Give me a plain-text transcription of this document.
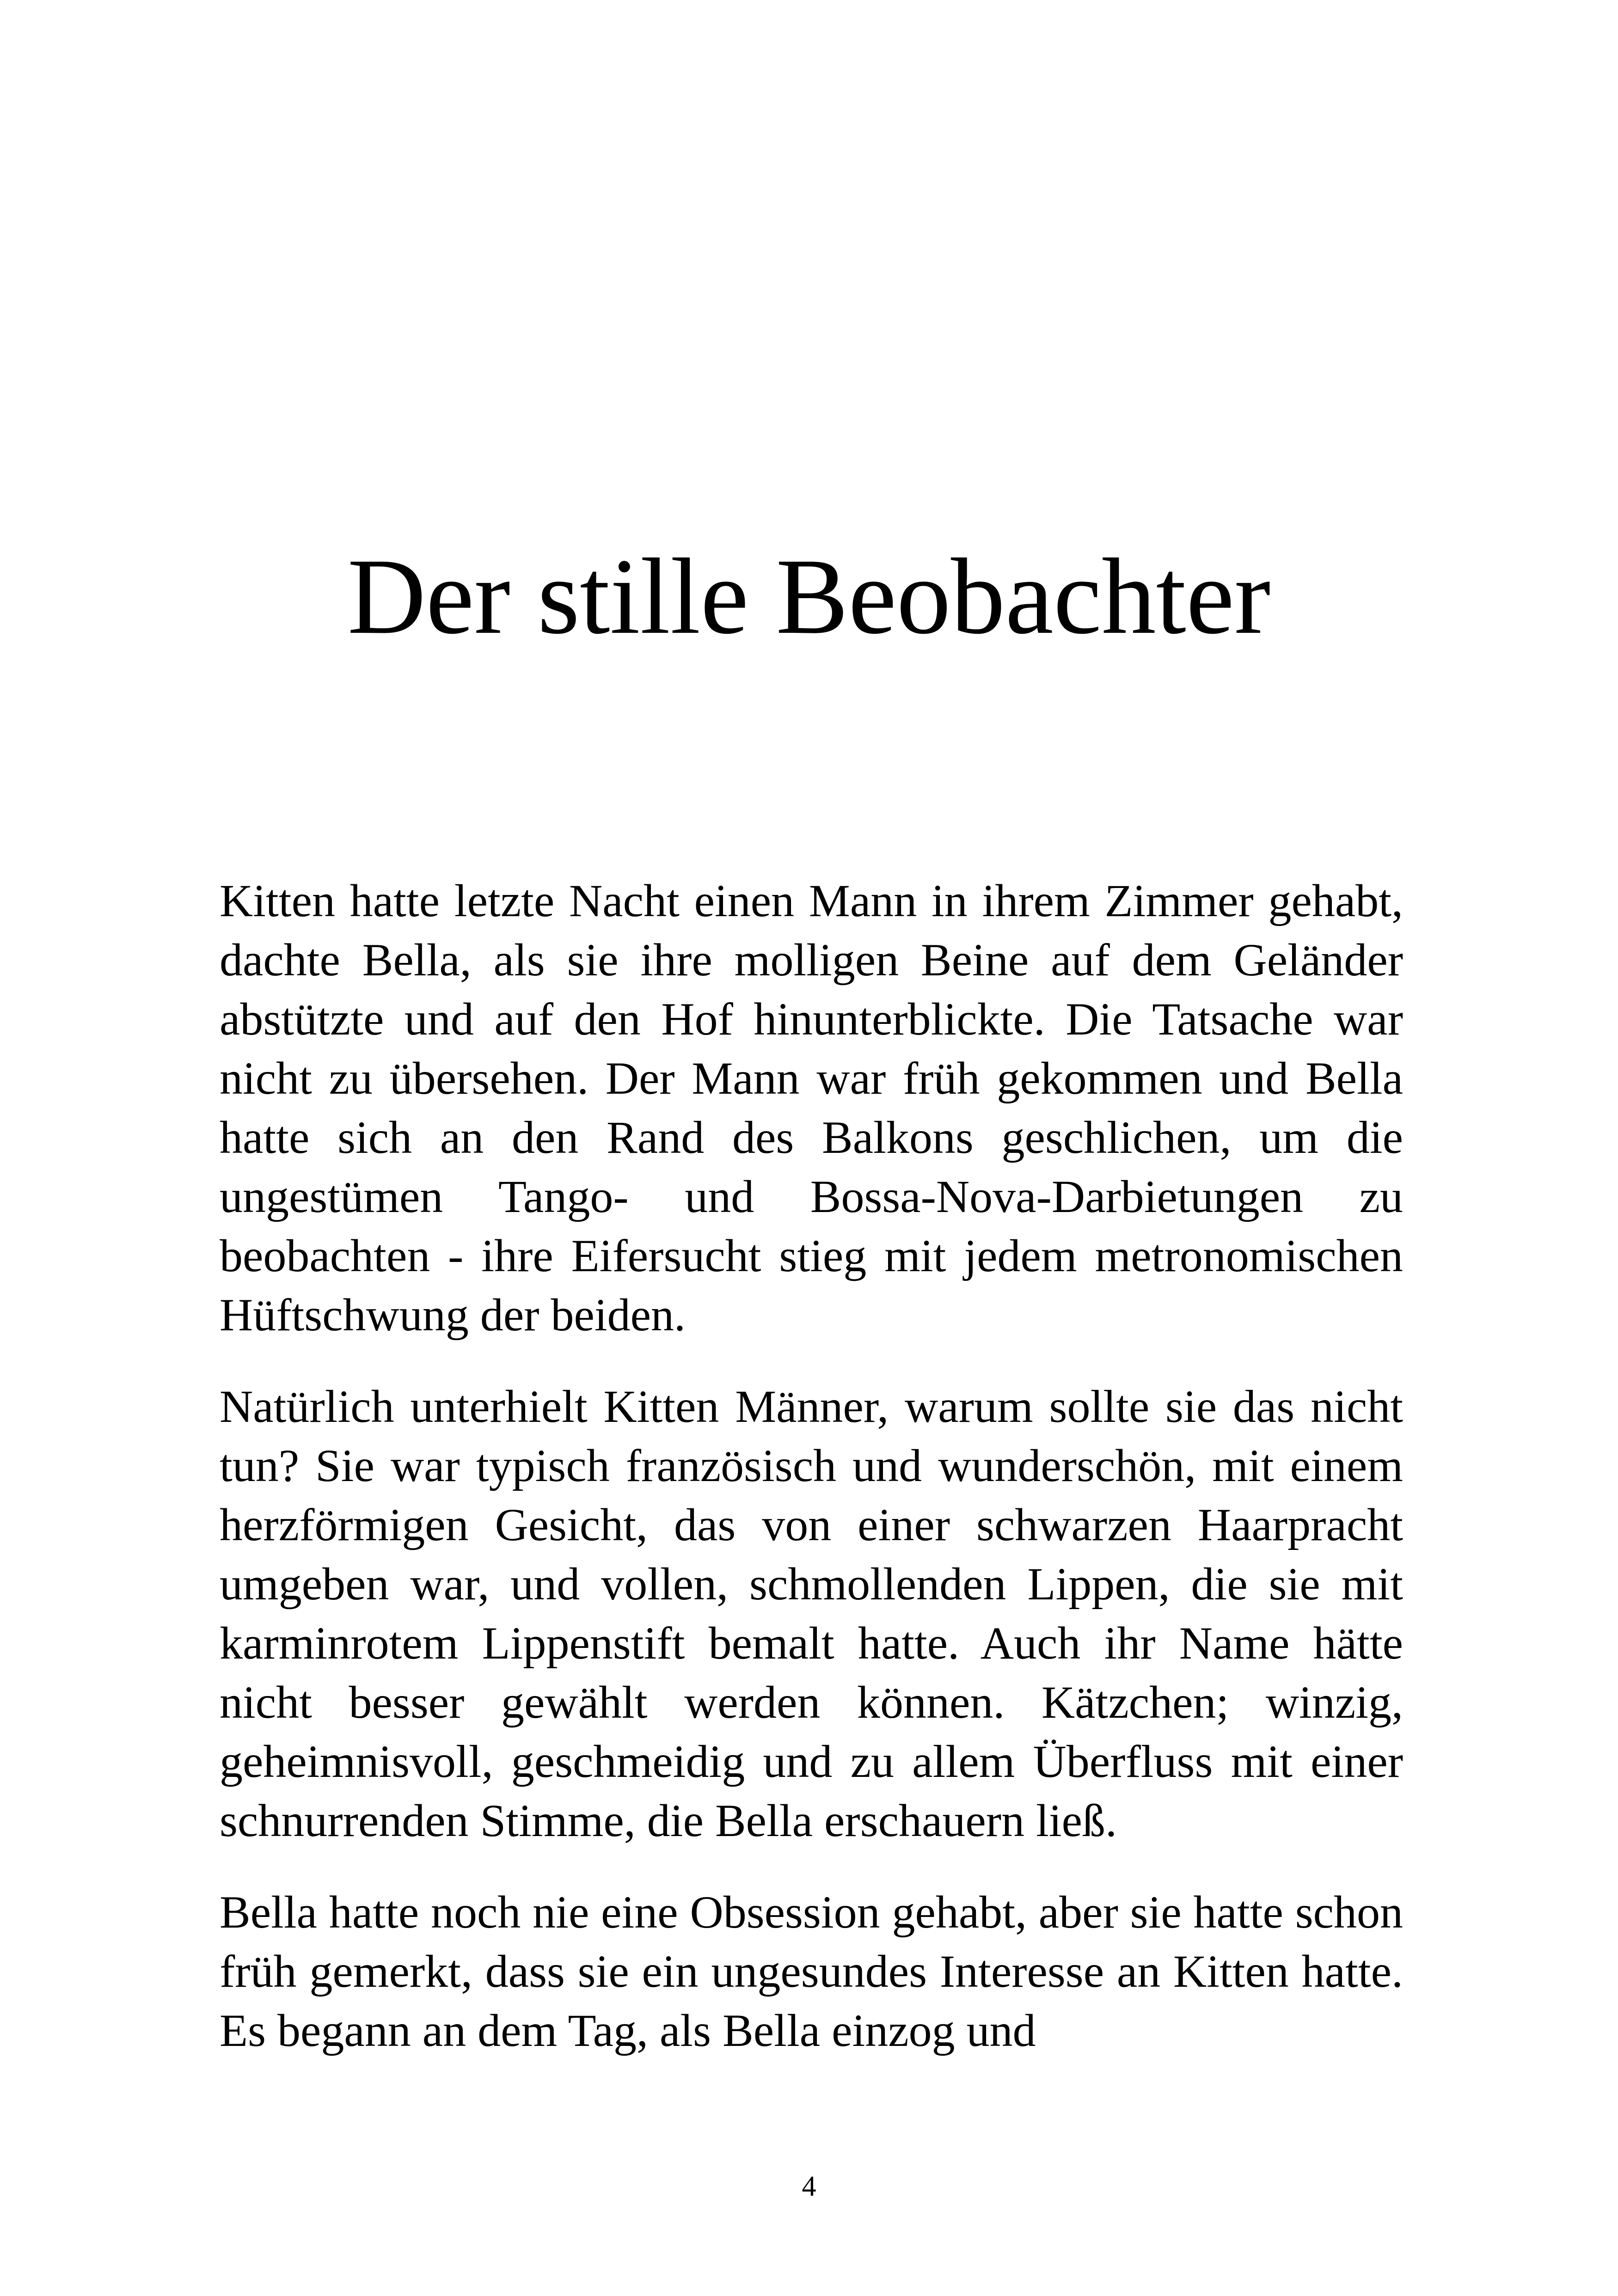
Der stille Beobachter

Kitten hatte letzte Nacht einen Mann in ihrem Zimmer gehabt, dachte Bella, als sie ihre molligen Beine auf dem Geländer abstützte und auf den Hof hinunterblickte. Die Tatsache war nicht zu übersehen. Der Mann war früh gekommen und Bella hatte sich an den Rand des Balkons geschlichen, um die ungestümen Tango- und Bossa-Nova-Darbietungen zu beobachten - ihre Eifersucht stieg mit jedem metronomischen Hüftschwung der beiden.

Natürlich unterhielt Kitten Männer, warum sollte sie das nicht tun? Sie war typisch französisch und wunderschön, mit einem herzförmigen Gesicht, das von einer schwarzen Haarpracht umgeben war, und vollen, schmollenden Lippen, die sie mit karminrotem Lippenstift bemalt hatte. Auch ihr Name hätte nicht besser gewählt werden können. Kätzchen; winzig, geheimnisvoll, geschmeidig und zu allem Überfluss mit einer schnurrenden Stimme, die Bella erschauern ließ.

Bella hatte noch nie eine Obsession gehabt, aber sie hatte schon früh gemerkt, dass sie ein ungesundes Interesse an Kitten hatte. Es begann an dem Tag, als Bella einzog und

4
